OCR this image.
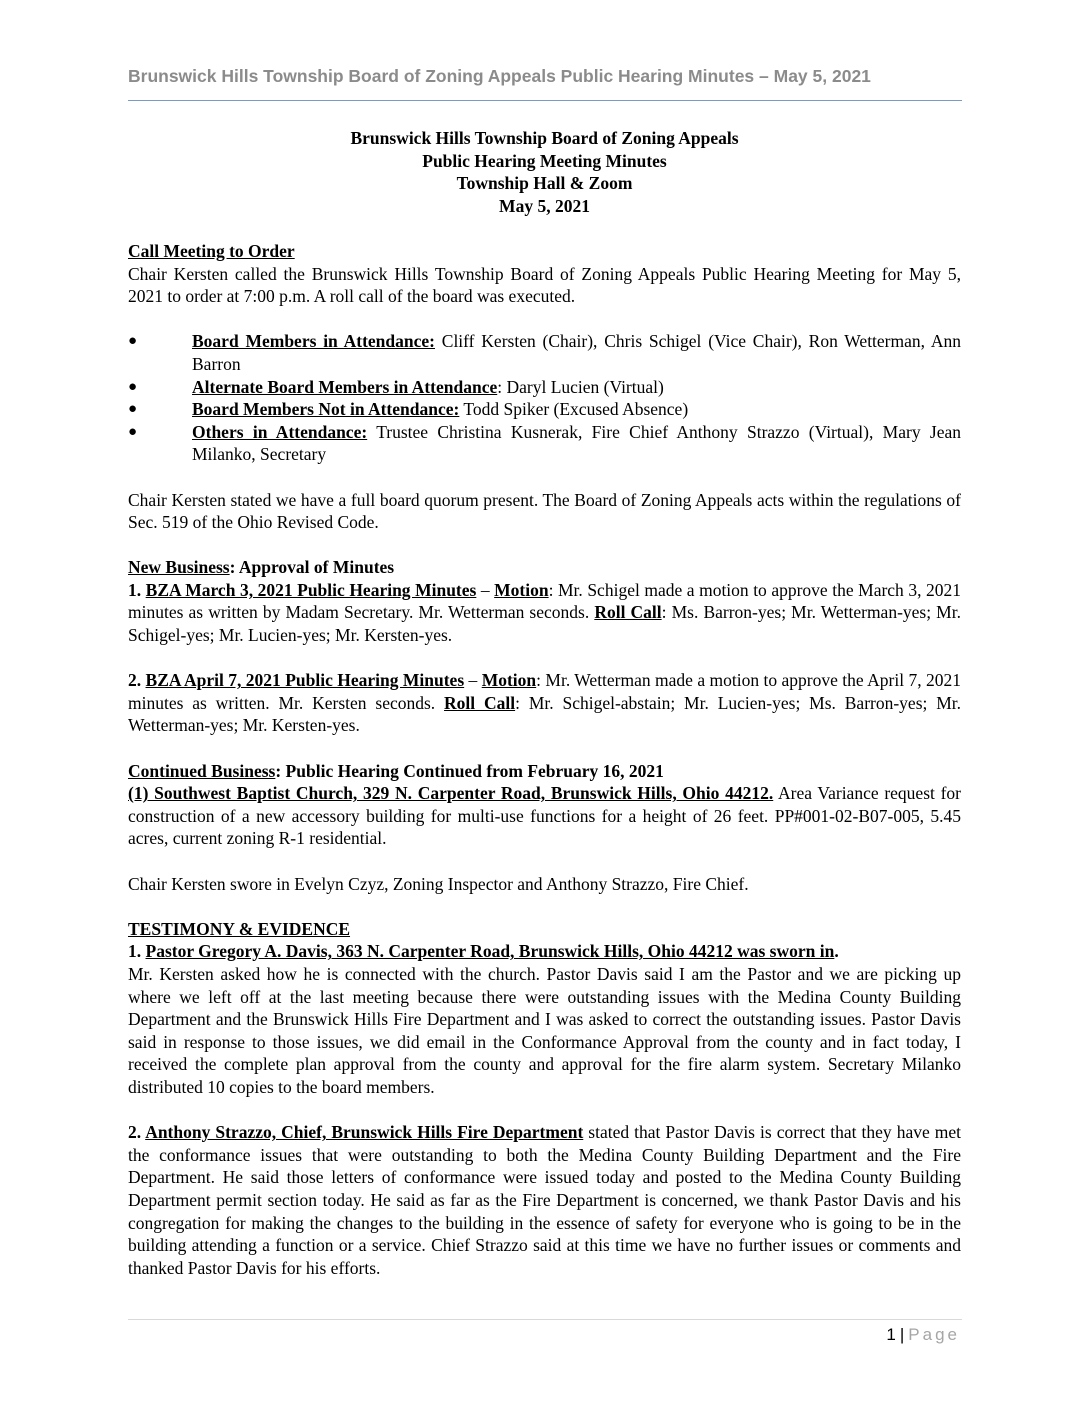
Brunswick Hills Township Board of Zoning Appeals Public Hearing Minutes – May 5, 2021
Brunswick Hills Township Board of Zoning Appeals
Public Hearing Meeting Minutes
Township Hall & Zoom
May 5, 2021
Call Meeting to Order

Chair Kersten called the Brunswick Hills Township Board of Zoning Appeals Public Hearing Meeting for May 5, 2021 to order at 7:00 p.m. A roll call of the board was executed.

●	Board Members in Attendance: Cliff Kersten (Chair), Chris Schigel (Vice Chair), Ron Wetterman, Ann Barron
●	Alternate Board Members in Attendance: Daryl Lucien (Virtual)
●	Board Members Not in Attendance: Todd Spiker (Excused Absence)
●	Others in Attendance: Trustee Christina Kusnerak, Fire Chief Anthony Strazzo (Virtual), Mary Jean Milanko, Secretary

Chair Kersten stated we have a full board quorum present. The Board of Zoning Appeals acts within the regulations of Sec. 519 of the Ohio Revised Code.

New Business: Approval of Minutes

1. BZA March 3, 2021 Public Hearing Minutes – Motion: Mr. Schigel made a motion to approve the March 3, 2021 minutes as written by Madam Secretary. Mr. Wetterman seconds. Roll Call: Ms. Barron-yes; Mr. Wetterman-yes; Mr. Schigel-yes; Mr. Lucien-yes; Mr. Kersten-yes.

2. BZA April 7, 2021 Public Hearing Minutes – Motion: Mr. Wetterman made a motion to approve the April 7, 2021 minutes as written. Mr. Kersten seconds. Roll Call: Mr. Schigel-abstain; Mr. Lucien-yes; Ms. Barron-yes; Mr. Wetterman-yes; Mr. Kersten-yes.

Continued Business: Public Hearing Continued from February 16, 2021

(1) Southwest Baptist Church, 329 N. Carpenter Road, Brunswick Hills, Ohio 44212. Area Variance request for construction of a new accessory building for multi-use functions for a height of 26 feet. PP#001-02-B07-005, 5.45 acres, current zoning R-1 residential.

Chair Kersten swore in Evelyn Czyz, Zoning Inspector and Anthony Strazzo, Fire Chief.

TESTIMONY & EVIDENCE

1. Pastor Gregory A. Davis, 363 N. Carpenter Road, Brunswick Hills, Ohio 44212 was sworn in.

Mr. Kersten asked how he is connected with the church. Pastor Davis said I am the Pastor and we are picking up where we left off at the last meeting because there were outstanding issues with the Medina County Building Department and the Brunswick Hills Fire Department and I was asked to correct the outstanding issues. Pastor Davis said in response to those issues, we did email in the Conformance Approval from the county and in fact today, I received the complete plan approval from the county and approval for the fire alarm system. Secretary Milanko distributed 10 copies to the board members.

2. Anthony Strazzo, Chief, Brunswick Hills Fire Department stated that Pastor Davis is correct that they have met the conformance issues that were outstanding to both the Medina County Building Department and the Fire Department. He said those letters of conformance were issued today and posted to the Medina County Building Department permit section today. He said as far as the Fire Department is concerned, we thank Pastor Davis and his congregation for making the changes to the building in the essence of safety for everyone who is going to be in the building attending a function or a service. Chief Strazzo said at this time we have no further issues or comments and thanked Pastor Davis for his efforts.

1 | Page
